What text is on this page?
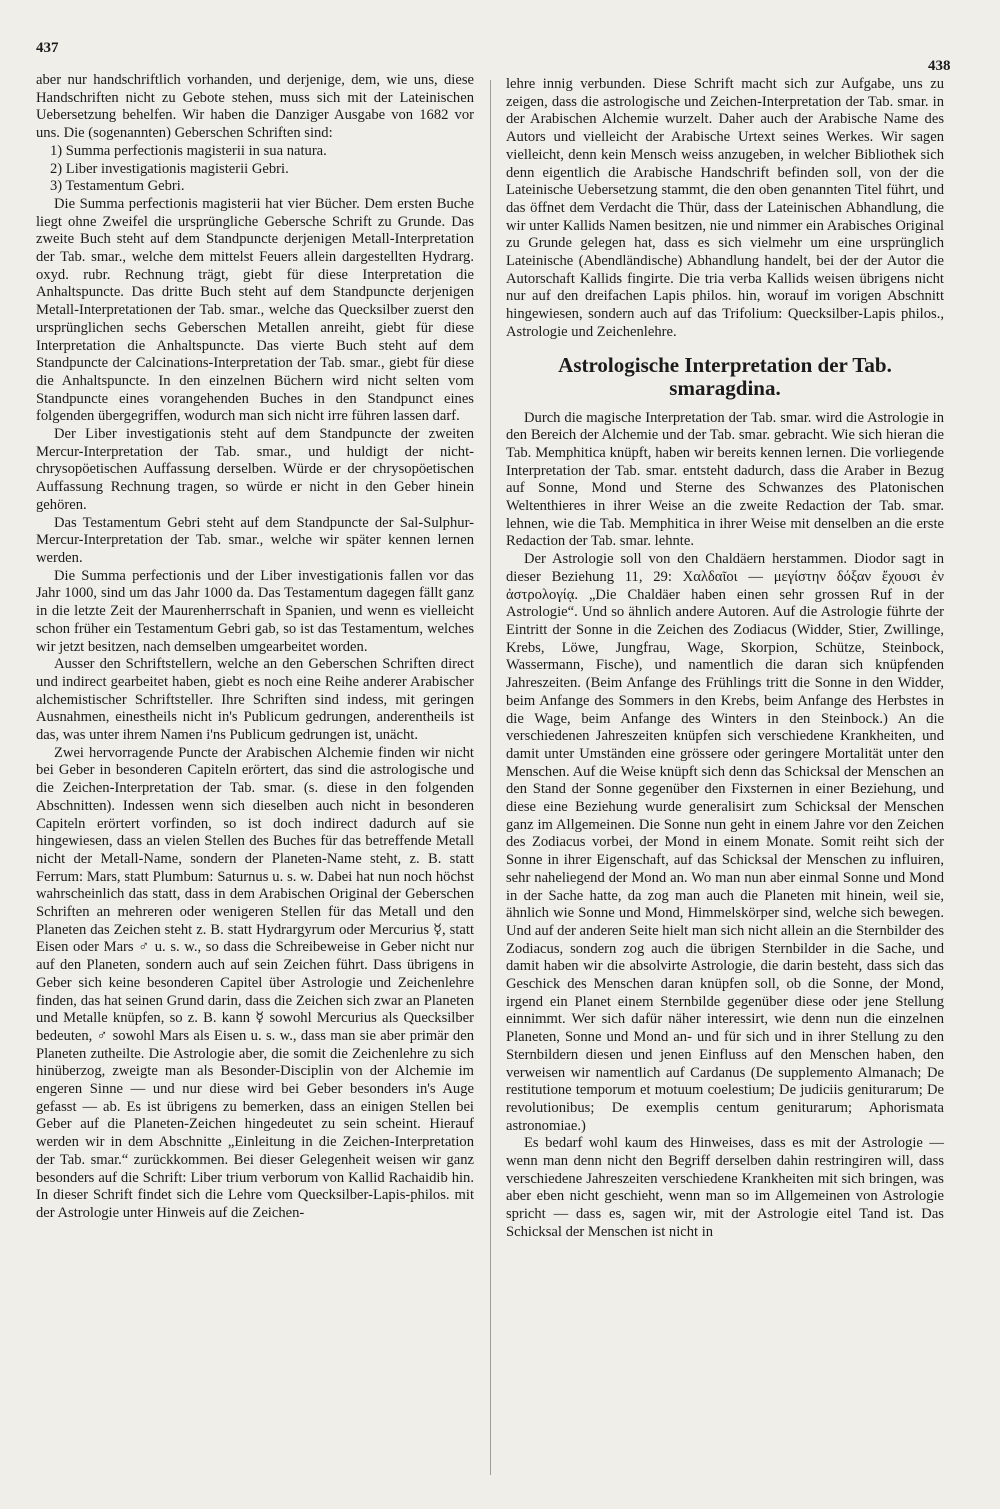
437
438

aber nur handschriftlich vorhanden, und derjenige, dem, wie uns, diese Handschriften nicht zu Gebote stehen, muss sich mit der Lateinischen Uebersetzung behelfen. Wir haben die Danziger Ausgabe von 1682 vor uns. Die (sogenannten) Geberschen Schriften sind:

1) Summa perfectionis magisterii in sua natura.

2) Liber investigationis magisterii Gebri.

3) Testamentum Gebri.

Die Summa perfectionis magisterii hat vier Bücher. Dem ersten Buche liegt ohne Zweifel die ursprüngliche Gebersche Schrift zu Grunde. Das zweite Buch steht auf dem Standpuncte derjenigen Metall-Interpretation der Tab. smar., welche dem mittelst Feuers allein dargestellten Hydrarg. oxyd. rubr. Rechnung trägt, giebt für diese Interpretation die Anhaltspuncte. Das dritte Buch steht auf dem Standpuncte derjenigen Metall-Interpretationen der Tab. smar., welche das Quecksilber zuerst den ursprünglichen sechs Geberschen Metallen anreiht, giebt für diese Interpretation die Anhaltspuncte. Das vierte Buch steht auf dem Standpuncte der Calcinations-Interpretation der Tab. smar., giebt für diese die Anhaltspuncte. In den einzelnen Büchern wird nicht selten vom Standpuncte eines vorangehenden Buches in den Standpunct eines folgenden übergegriffen, wodurch man sich nicht irre führen lassen darf.

Der Liber investigationis steht auf dem Standpuncte der zweiten Mercur-Interpretation der Tab. smar., und huldigt der nicht-chrysopöetischen Auffassung derselben. Würde er der chrysopöetischen Auffassung Rechnung tragen, so würde er nicht in den Geber hinein gehören.

Das Testamentum Gebri steht auf dem Standpuncte der Sal-Sulphur-Mercur-Interpretation der Tab. smar., welche wir später kennen lernen werden.

Die Summa perfectionis und der Liber investigationis fallen vor das Jahr 1000, sind um das Jahr 1000 da. Das Testamentum dagegen fällt ganz in die letzte Zeit der Maurenherrschaft in Spanien, und wenn es vielleicht schon früher ein Testamentum Gebri gab, so ist das Testamentum, welches wir jetzt besitzen, nach demselben umgearbeitet worden.

Ausser den Schriftstellern, welche an den Geberschen Schriften direct und indirect gearbeitet haben, giebt es noch eine Reihe anderer Arabischer alchemistischer Schriftsteller. Ihre Schriften sind indess, mit geringen Ausnahmen, einestheils nicht in's Publicum gedrungen, anderentheils ist das, was unter ihrem Namen i'ns Publicum gedrungen ist, unächt.

Zwei hervorragende Puncte der Arabischen Alchemie finden wir nicht bei Geber in besonderen Capiteln erörtert, das sind die astrologische und die Zeichen-Interpretation der Tab. smar. (s. diese in den folgenden Abschnitten). Indessen wenn sich dieselben auch nicht in besonderen Capiteln erörtert vorfinden, so ist doch indirect dadurch auf sie hingewiesen, dass an vielen Stellen des Buches für das betreffende Metall nicht der Metall-Name, sondern der Planeten-Name steht, z. B. statt Ferrum: Mars, statt Plumbum: Saturnus u. s. w. Dabei hat nun noch höchst wahrscheinlich das statt, dass in dem Arabischen Original der Geberschen Schriften an mehreren oder wenigeren Stellen für das Metall und den Planeten das Zeichen steht z. B. statt Hydrargyrum oder Mercurius ☿, statt Eisen oder Mars ♂ u. s. w., so dass die Schreibeweise in Geber nicht nur auf den Planeten, sondern auch auf sein Zeichen führt. Dass übrigens in Geber sich keine besonderen Capitel über Astrologie und Zeichenlehre finden, das hat seinen Grund darin, dass die Zeichen sich zwar an Planeten und Metalle knüpfen, so z. B. kann ☿ sowohl Mercurius als Quecksilber bedeuten, ♂ sowohl Mars als Eisen u. s. w., dass man sie aber primär den Planeten zutheilte. Die Astrologie aber, die somit die Zeichenlehre zu sich hinüberzog, zweigte man als Besonder-Disciplin von der Alchemie im engeren Sinne — und nur diese wird bei Geber besonders in's Auge gefasst — ab. Es ist übrigens zu bemerken, dass an einigen Stellen bei Geber auf die Planeten-Zeichen hingedeutet zu sein scheint. Hierauf werden wir in dem Abschnitte „Einleitung in die Zeichen-Interpretation der Tab. smar.“ zurückkommen. Bei dieser Gelegenheit weisen wir ganz besonders auf die Schrift: Liber trium verborum von Kallid Rachaidib hin. In dieser Schrift findet sich die Lehre vom Quecksilber-Lapis-philos. mit der Astrologie unter Hinweis auf die Zeichen-

lehre innig verbunden. Diese Schrift macht sich zur Aufgabe, uns zu zeigen, dass die astrologische und Zeichen-Interpretation der Tab. smar. in der Arabischen Alchemie wurzelt. Daher auch der Arabische Name des Autors und vielleicht der Arabische Urtext seines Werkes. Wir sagen vielleicht, denn kein Mensch weiss anzugeben, in welcher Bibliothek sich denn eigentlich die Arabische Handschrift befinden soll, von der die Lateinische Uebersetzung stammt, die den oben genannten Titel führt, und das öffnet dem Verdacht die Thür, dass der Lateinischen Abhandlung, die wir unter Kallids Namen besitzen, nie und nimmer ein Arabisches Original zu Grunde gelegen hat, dass es sich vielmehr um eine ursprünglich Lateinische (Abendländische) Abhandlung handelt, bei der der Autor die Autorschaft Kallids fingirte. Die tria verba Kallids weisen übrigens nicht nur auf den dreifachen Lapis philos. hin, worauf im vorigen Abschnitt hingewiesen, sondern auch auf das Trifolium: Quecksilber-Lapis philos., Astrologie und Zeichenlehre.

Astrologische Interpretation der Tab. smaragdina.

Durch die magische Interpretation der Tab. smar. wird die Astrologie in den Bereich der Alchemie und der Tab. smar. gebracht. Wie sich hieran die Tab. Memphitica knüpft, haben wir bereits kennen lernen. Die vorliegende Interpretation der Tab. smar. entsteht dadurch, dass die Araber in Bezug auf Sonne, Mond und Sterne des Schwanzes des Platonischen Weltenthieres in ihrer Weise an die zweite Redaction der Tab. smar. lehnen, wie die Tab. Memphitica in ihrer Weise mit denselben an die erste Redaction der Tab. smar. lehnte.

Der Astrologie soll von den Chaldäern herstammen. Diodor sagt in dieser Beziehung 11, 29: Χαλδαῖοι — μεγίστην δόξαν ἔχουσι ἐν ἀστρολογίᾳ. „Die Chaldäer haben einen sehr grossen Ruf in der Astrologie“. Und so ähnlich andere Autoren. Auf die Astrologie führte der Eintritt der Sonne in die Zeichen des Zodiacus (Widder, Stier, Zwillinge, Krebs, Löwe, Jungfrau, Wage, Skorpion, Schütze, Steinbock, Wassermann, Fische), und namentlich die daran sich knüpfenden Jahreszeiten. (Beim Anfange des Frühlings tritt die Sonne in den Widder, beim Anfange des Sommers in den Krebs, beim Anfange des Herbstes in die Wage, beim Anfange des Winters in den Steinbock.) An die verschiedenen Jahreszeiten knüpfen sich verschiedene Krankheiten, und damit unter Umständen eine grössere oder geringere Mortalität unter den Menschen. Auf die Weise knüpft sich denn das Schicksal der Menschen an den Stand der Sonne gegenüber den Fixsternen in einer Beziehung, und diese eine Beziehung wurde generalisirt zum Schicksal der Menschen ganz im Allgemeinen. Die Sonne nun geht in einem Jahre vor den Zeichen des Zodiacus vorbei, der Mond in einem Monate. Somit reiht sich der Sonne in ihrer Eigenschaft, auf das Schicksal der Menschen zu influiren, sehr naheliegend der Mond an. Wo man nun aber einmal Sonne und Mond in der Sache hatte, da zog man auch die Planeten mit hinein, weil sie, ähnlich wie Sonne und Mond, Himmelskörper sind, welche sich bewegen. Und auf der anderen Seite hielt man sich nicht allein an die Sternbilder des Zodiacus, sondern zog auch die übrigen Sternbilder in die Sache, und damit haben wir die absolvirte Astrologie, die darin besteht, dass sich das Geschick des Menschen daran knüpfen soll, ob die Sonne, der Mond, irgend ein Planet einem Sternbilde gegenüber diese oder jene Stellung einnimmt. Wer sich dafür näher interessirt, wie denn nun die einzelnen Planeten, Sonne und Mond an- und für sich und in ihrer Stellung zu den Sternbildern diesen und jenen Einfluss auf den Menschen haben, den verweisen wir namentlich auf Cardanus (De supplemento Almanach; De restitutione temporum et motuum coelestium; De judiciis geniturarum; De revolutionibus; De exemplis centum geniturarum; Aphorismata astronomiae.)

Es bedarf wohl kaum des Hinweises, dass es mit der Astrologie — wenn man denn nicht den Begriff derselben dahin restringiren will, dass verschiedene Jahreszeiten verschiedene Krankheiten mit sich bringen, was aber eben nicht geschieht, wenn man so im Allgemeinen von Astrologie spricht — dass es, sagen wir, mit der Astrologie eitel Tand ist. Das Schicksal der Menschen ist nicht in
